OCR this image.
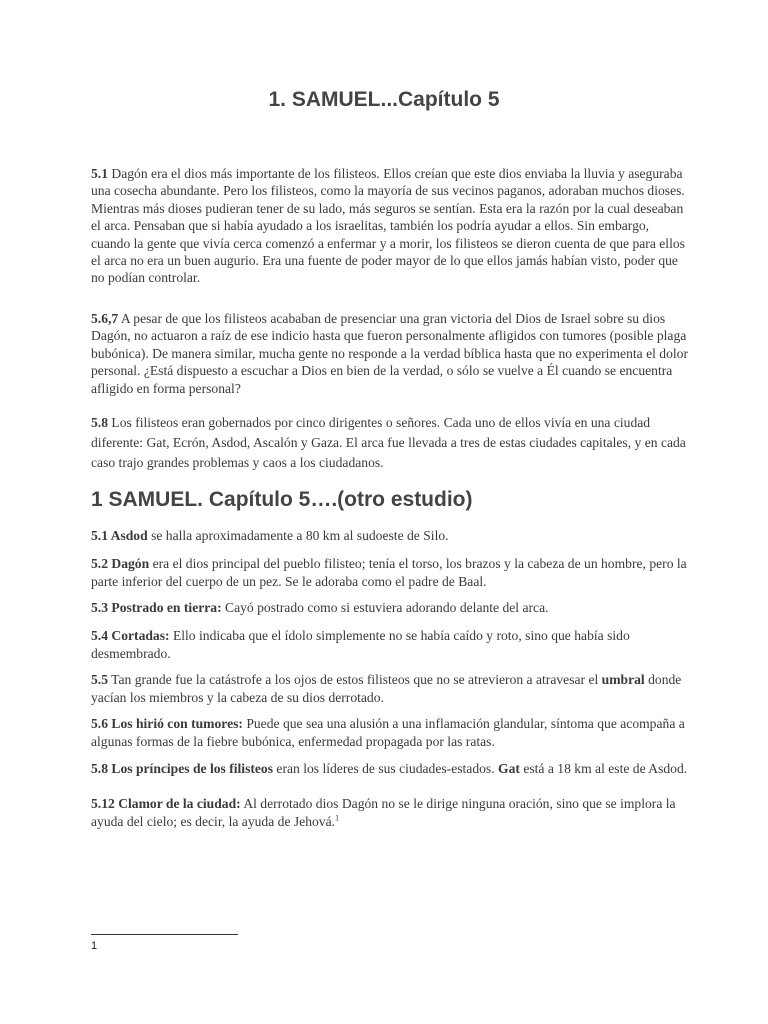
1. SAMUEL...Capítulo 5

5.1 Dagón era el dios más importante de los filisteos. Ellos creían que este dios enviaba la lluvia y aseguraba una cosecha abundante. Pero los filisteos, como la mayoría de sus vecinos paganos, adoraban muchos dioses. Mientras más dioses pudieran tener de su lado, más seguros se sentían. Esta era la razón por la cual deseaban el arca. Pensaban que si había ayudado a los israelitas, también los podría ayudar a ellos. Sin embargo, cuando la gente que vivía cerca comenzó a enfermar y a morir, los filisteos se dieron cuenta de que para ellos el arca no era un buen augurio. Era una fuente de poder mayor de lo que ellos jamás habían visto, poder que no podían controlar.

5.6,7 A pesar de que los filisteos acababan de presenciar una gran victoria del Dios de Israel sobre su dios Dagón, no actuaron a raíz de ese indicio hasta que fueron personalmente afligidos con tumores (posible plaga bubónica). De manera similar, mucha gente no responde a la verdad bíblica hasta que no experimenta el dolor personal. ¿Está dispuesto a escuchar a Dios en bien de la verdad, o sólo se vuelve a Él cuando se encuentra afligido en forma personal?

5.8 Los filisteos eran gobernados por cinco dirigentes o señores. Cada uno de ellos vivía en una ciudad diferente: Gat, Ecrón, Asdod, Ascalón y Gaza. El arca fue llevada a tres de estas ciudades capitales, y en cada caso trajo grandes problemas y caos a los ciudadanos.

1 SAMUEL. Capítulo 5….(otro estudio)

5.1 Asdod se halla aproximadamente a 80 km al sudoeste de Silo.

5.2 Dagón era el dios principal del pueblo filisteo; tenía el torso, los brazos y la cabeza de un hombre, pero la parte inferior del cuerpo de un pez. Se le adoraba como el padre de Baal.

5.3 Postrado en tierra: Cayó postrado como si estuviera adorando delante del arca.

5.4 Cortadas: Ello indicaba que el ídolo simplemente no se había caído y roto, sino que había sido desmembrado.

5.5 Tan grande fue la catástrofe a los ojos de estos filisteos que no se atrevieron a atravesar el umbral donde yacían los miembros y la cabeza de su dios derrotado.

5.6 Los hirió con tumores: Puede que sea una alusión a una inflamación glandular, síntoma que acompaña a algunas formas de la fiebre bubónica, enfermedad propagada por las ratas.

5.8 Los príncipes de los filisteos eran los líderes de sus ciudades-estados. Gat está a 18 km al este de Asdod.

5.12 Clamor de la ciudad: Al derrotado dios Dagón no se le dirige ninguna oración, sino que se implora la ayuda del cielo; es decir, la ayuda de Jehová.$^1$

1
